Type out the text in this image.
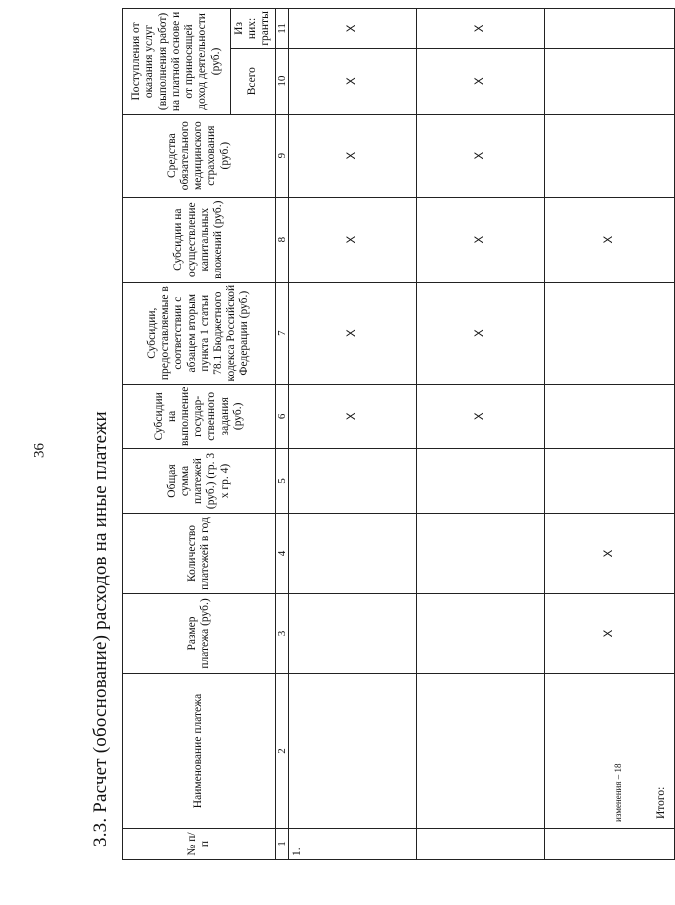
36 3.3. Расчет (обоснование) расходов на иные платежи	№ п/п	Наименование платежа	Размер платежа (руб.)	Количество платежей в год	Общая сумма платежей (руб.) (гр. 3 х гр. 4)	Субсидии на выполнение государ-ственного задания (руб.)	Субсидии, предоставляемые в соответствии с абзацем вторым пункта 1 статьи 78.1 Бюджетного кодекса Российской Федерации (руб.)	Субсидии на осуществление капитальных вложений (руб.)	Средства обязательного медицинского страхования (руб.)	Поступления от оказания услуг (выполнения работ) на платной основе и от приносящей доход деятельности (руб.)	
									Всего	Из них: гранты
1	2	3	4	5	6	7	8	9	10	11
1.					X	X	X	X	X	X
					X	X	X	X	X	X
	Итого:	X	X				X			
изменения – 18
